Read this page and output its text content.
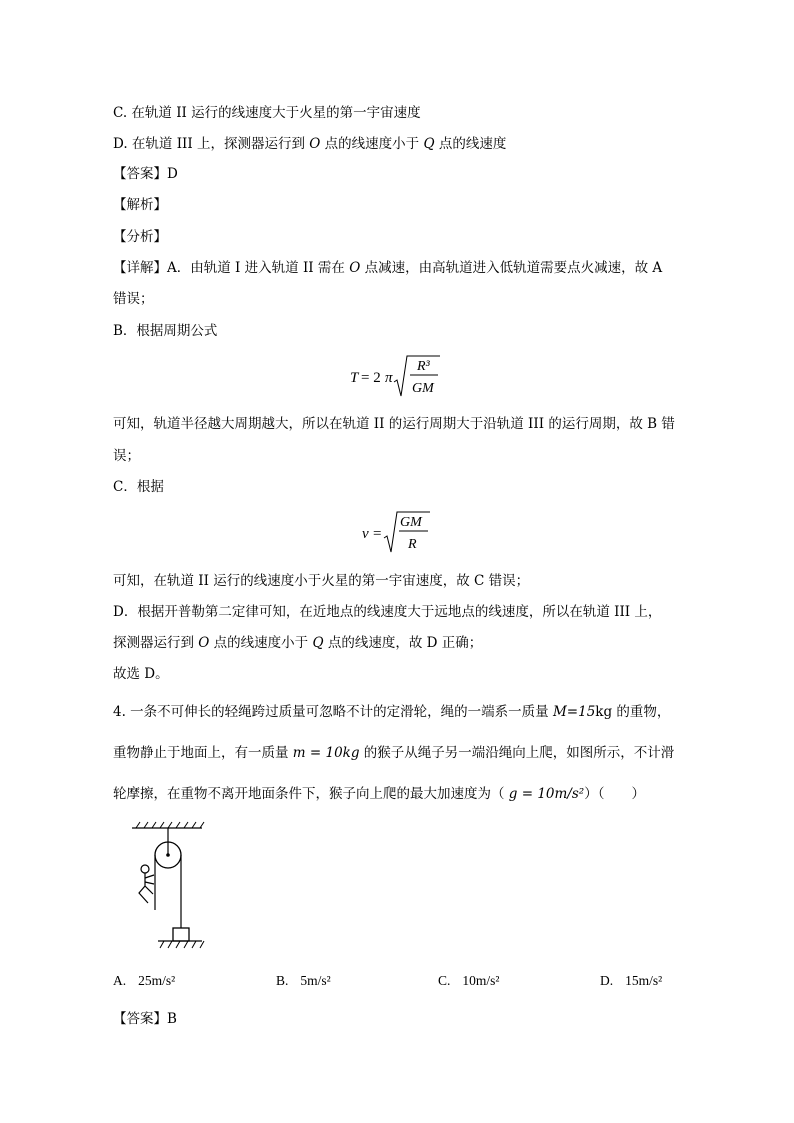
C. 在轨道 II 运行的线速度大于火星的第一宇宙速度
D. 在轨道 III 上，探测器运行到 O 点的线速度小于 Q 点的线速度
【答案】D
【解析】
【分析】
【详解】A．由轨道 I 进入轨道 II 需在 O 点减速，由高轨道进入低轨道需要点火减速，故 A
错误；
B．根据周期公式
T = 2 π
R³
GM
可知，轨道半径越大周期越大，所以在轨道 II 的运行周期大于沿轨道 III 的运行周期，故 B 错
误；
C．根据
v =
GM
R
可知，在轨道 II 运行的线速度小于火星的第一宇宙速度，故 C 错误；
D．根据开普勒第二定律可知，在近地点的线速度大于远地点的线速度，所以在轨道 III 上，
探测器运行到 O 点的线速度小于 Q 点的线速度，故 D 正确；
故选 D。
4. 一条不可伸长的轻绳跨过质量可忽略不计的定滑轮，绳的一端系一质量 M=15kg 的重物，
重物静止于地面上，有一质量 m = 10kg 的猴子从绳子另一端沿绳向上爬，如图所示，不计滑
轮摩擦，在重物不离开地面条件下，猴子向上爬的最大加速度为（ g = 10m/s²）（　　）
A. 25m/s²	B. 5m/s²	C. 10m/s²	D. 15m/s²
【答案】B
